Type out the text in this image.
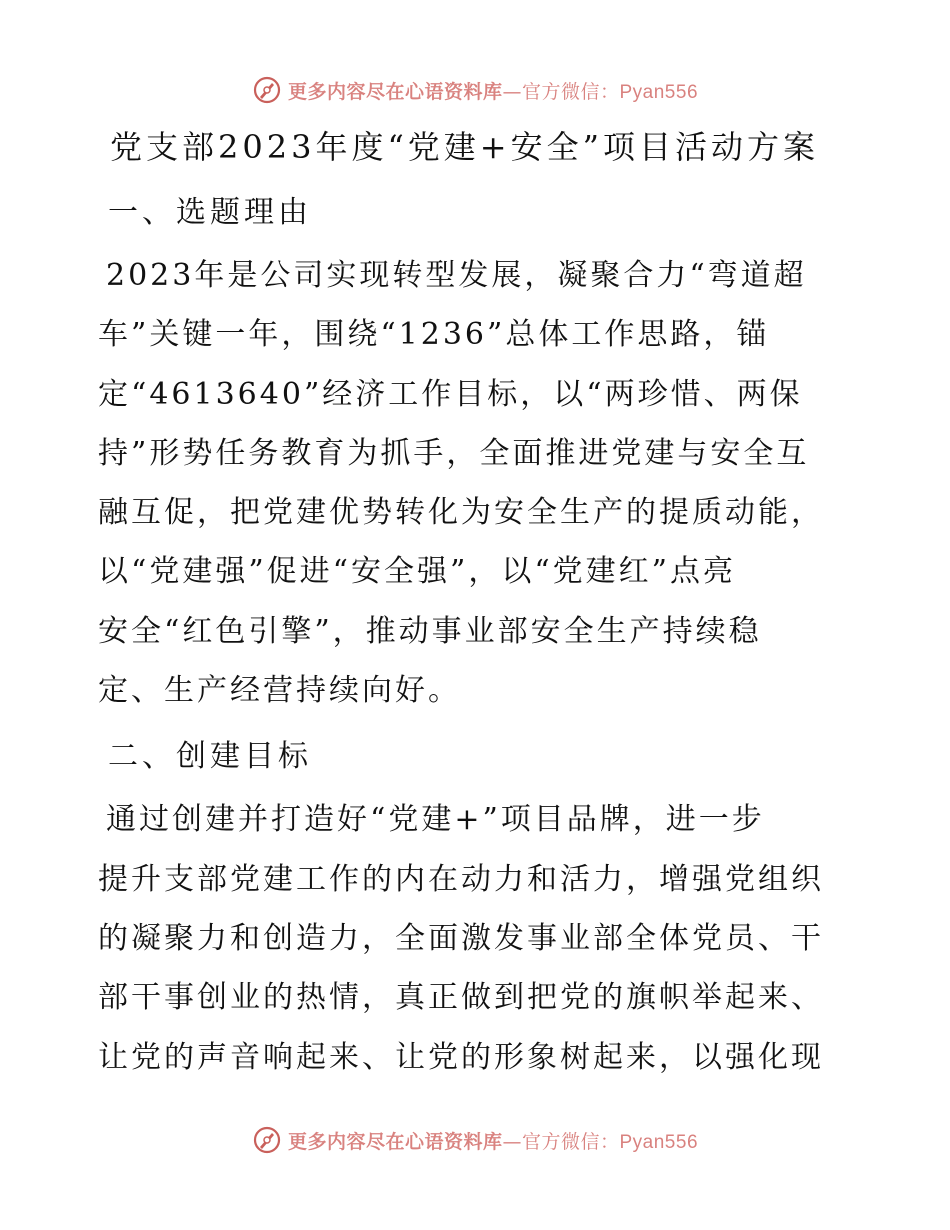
更多内容尽在心语资料库—官方微信：Pyan556
党支部2023年度“党建+安全”项目活动方案
一、选题理由

2023年是公司实现转型发展，凝聚合力“弯道超

车”关键一年，围绕“1236”总体工作思路，锚

定“4613640”经济工作目标，以“两珍惜、两保

持”形势任务教育为抓手，全面推进党建与安全互

融互促，把党建优势转化为安全生产的提质动能，

以“党建强”促进“安全强”，以“党建红”点亮

安全“红色引擎”，推动事业部安全生产持续稳

定、生产经营持续向好。

二、创建目标

通过创建并打造好“党建+”项目品牌，进一步

提升支部党建工作的内在动力和活力，增强党组织

的凝聚力和创造力，全面激发事业部全体党员、干

部干事创业的热情，真正做到把党的旗帜举起来、

让党的声音响起来、让党的形象树起来，以强化现

更多内容尽在心语资料库—官方微信：Pyan556
